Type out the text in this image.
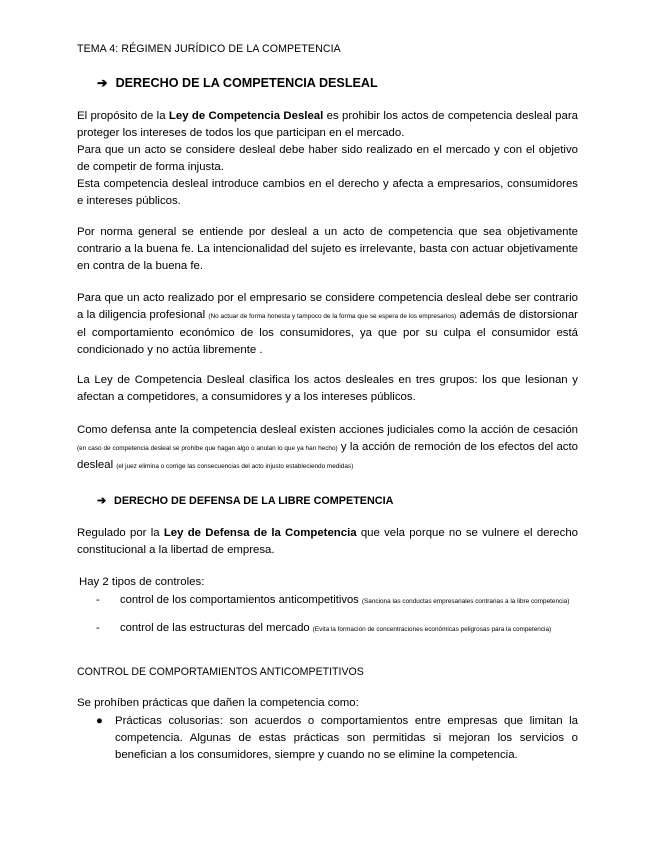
TEMA 4: RÉGIMEN JURÍDICO DE LA COMPETENCIA
➔ DERECHO DE LA COMPETENCIA DESLEAL
El propósito de la Ley de Competencia Desleal es prohibir los actos de competencia desleal para proteger los intereses de todos los que participan en el mercado.
Para que un acto se considere desleal debe haber sido realizado en el mercado y con el objetivo de competir de forma injusta.
Esta competencia desleal introduce cambios en el derecho y afecta a empresarios, consumidores e intereses públicos.
Por norma general se entiende por desleal a un acto de competencia que sea objetivamente contrario a la buena fe. La intencionalidad del sujeto es irrelevante, basta con actuar objetivamente en contra de la buena fe.
Para que un acto realizado por el empresario se considere competencia desleal debe ser contrario a la diligencia profesional (No actuar de forma honesta y tampoco de la forma que se espera de los empresarios) además de distorsionar el comportamiento económico de los consumidores, ya que por su culpa el consumidor está condicionado y no actúa libremente .
La Ley de Competencia Desleal clasifica los actos desleales en tres grupos: los que lesionan y afectan a competidores, a consumidores y a los intereses públicos.
Como defensa ante la competencia desleal existen acciones judiciales como la acción de cesación (en caso de competencia desleal se prohíbe que hagan algo o anulan lo que ya han hecho) y la acción de remoción de los efectos del acto desleal (el juez elimina o corrige las consecuencias del acto injusto estableciendo medidas)
➔ DERECHO DE DEFENSA DE LA LIBRE COMPETENCIA
Regulado por la Ley de Defensa de la Competencia que vela porque no se vulnere el derecho constitucional a la libertad de empresa.
Hay 2 tipos de controles:
- control de los comportamientos anticompetitivos (Sanciona las conductas empresariales contrarias a la libre competencia)
- control de las estructuras del mercado (Evita la formación de concentraciones económicas peligrosas para la competencia)
CONTROL DE COMPORTAMIENTOS ANTICOMPETITIVOS
Se prohíben prácticas que dañen la competencia como:
● Prácticas colusorias: son acuerdos o comportamientos entre empresas que limitan la competencia. Algunas de estas prácticas son permitidas si mejoran los servicios o benefician a los consumidores, siempre y cuando no se elimine la competencia.
